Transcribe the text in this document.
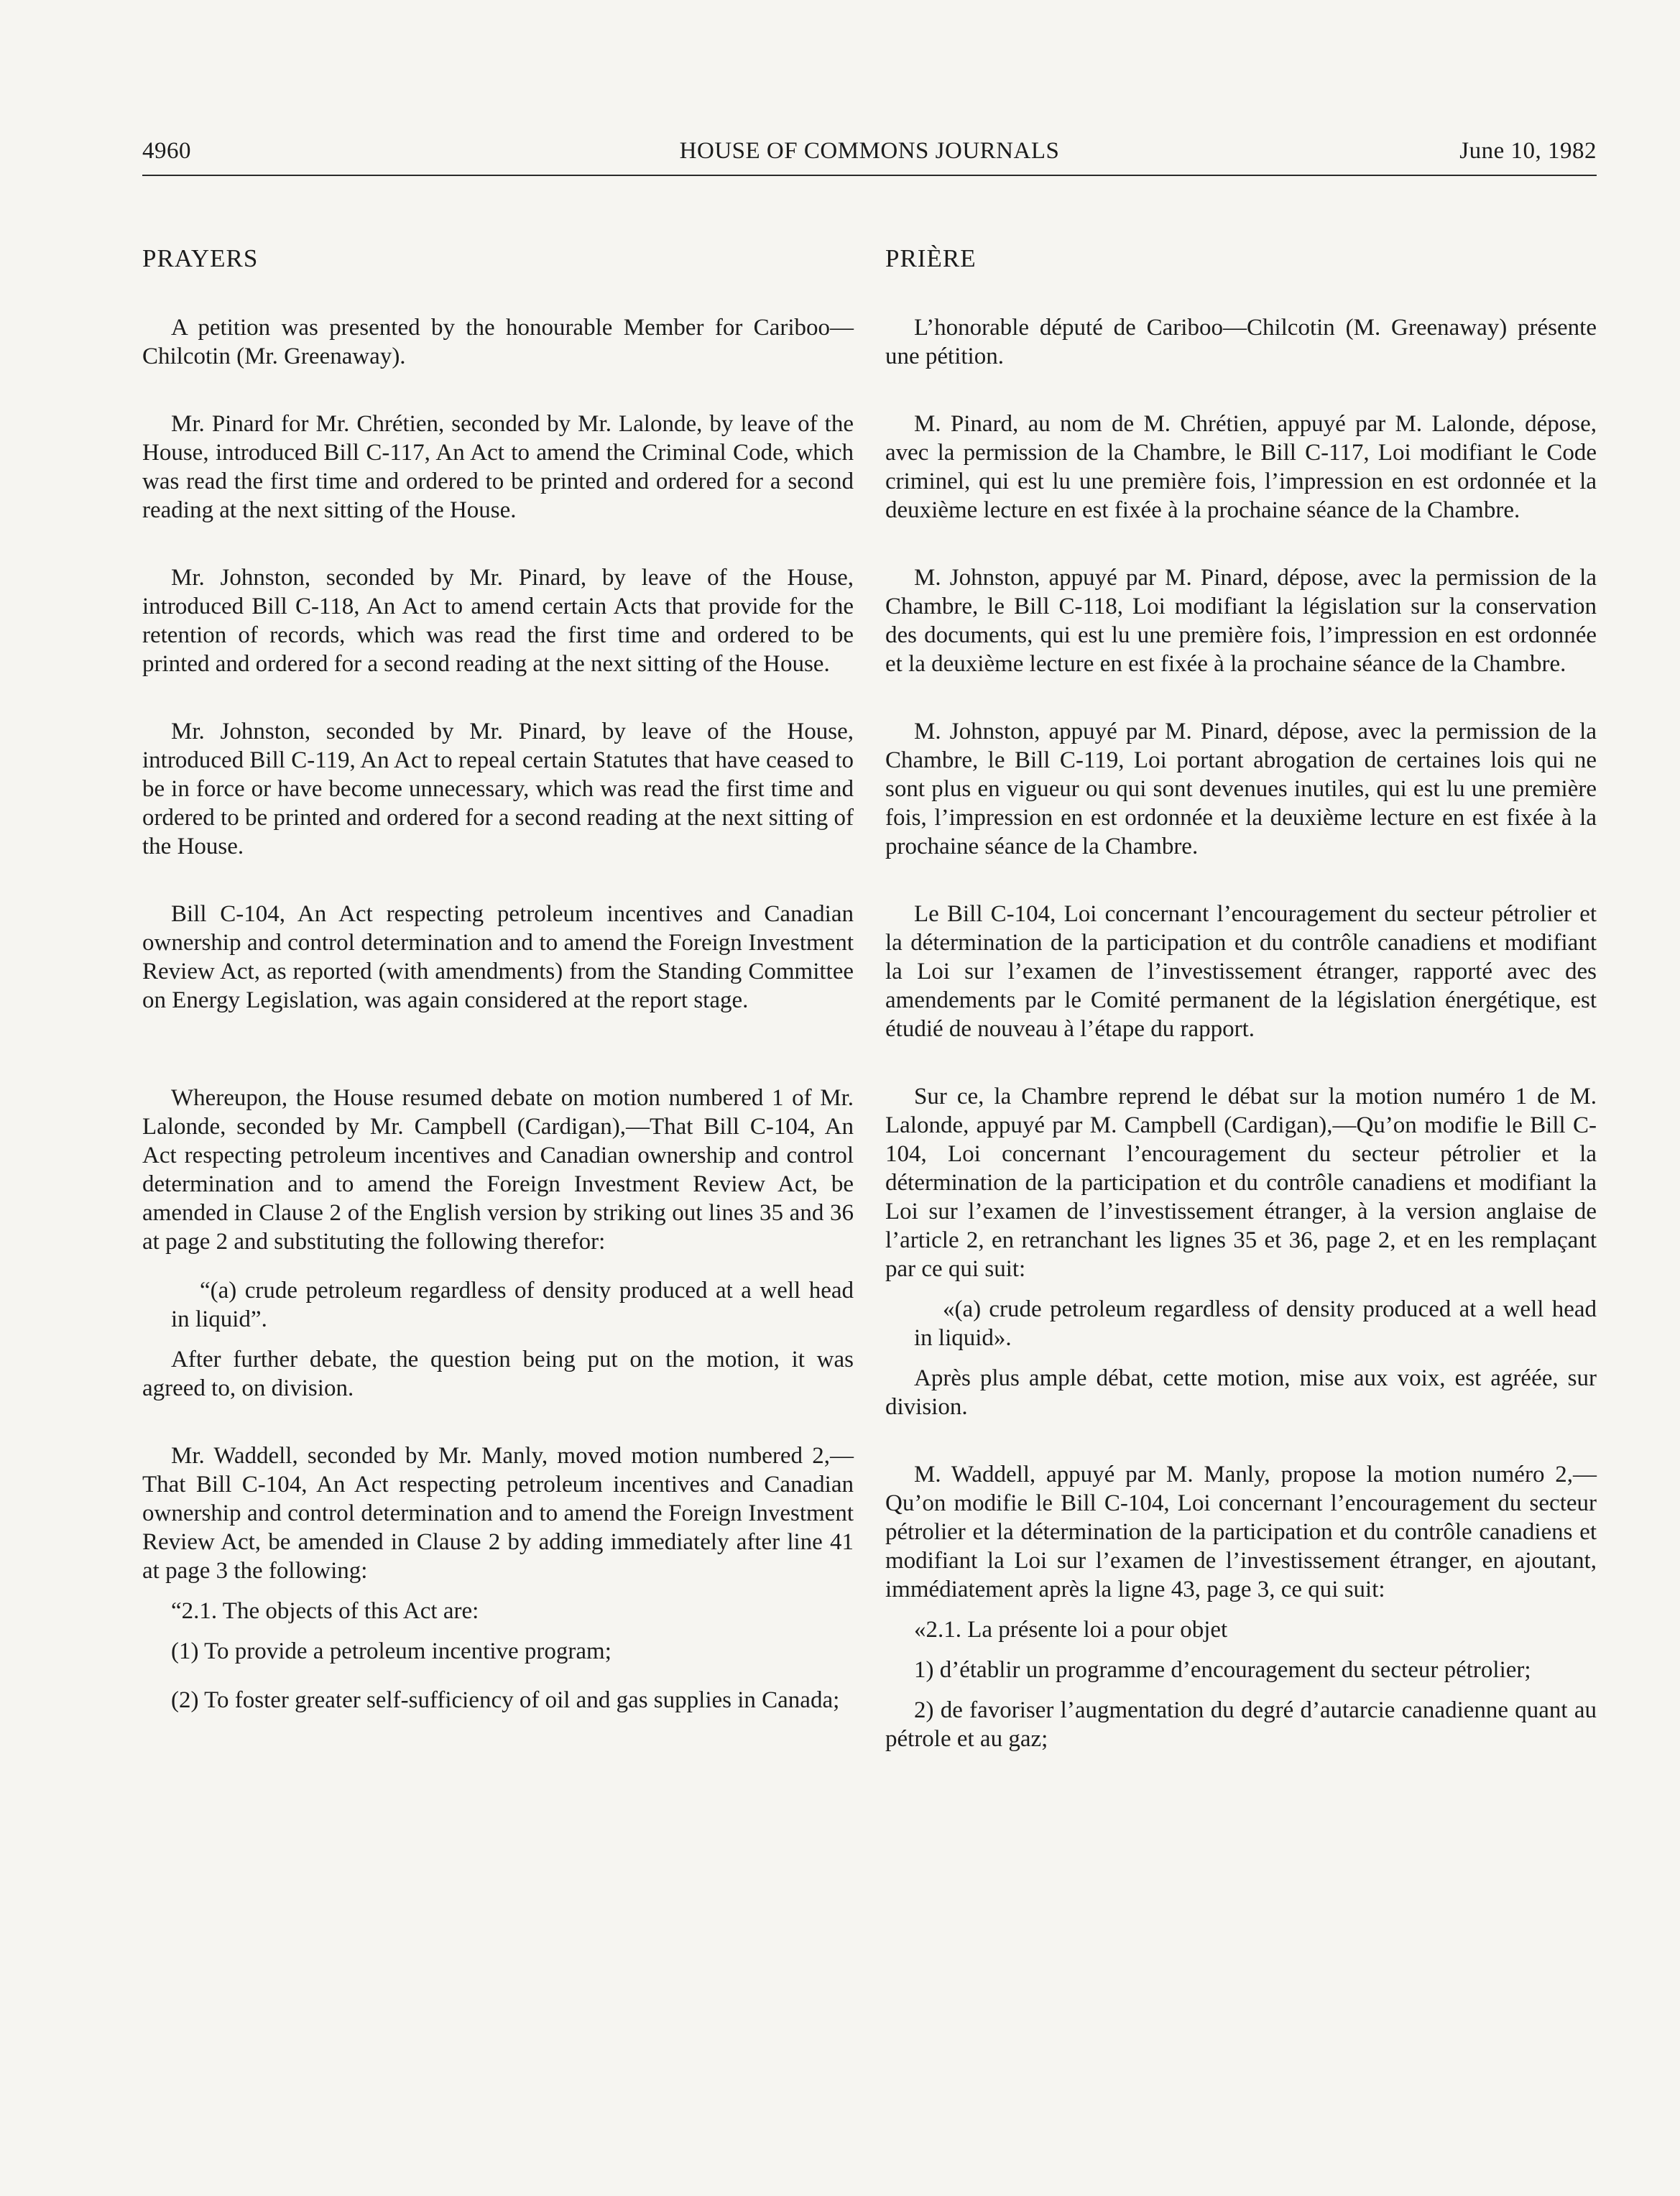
4960	HOUSE OF COMMONS JOURNALS	June 10, 1982
PRAYERS

A petition was presented by the honourable Member for Cariboo—Chilcotin (Mr. Greenaway).

Mr. Pinard for Mr. Chrétien, seconded by Mr. Lalonde, by leave of the House, introduced Bill C-117, An Act to amend the Criminal Code, which was read the first time and ordered to be printed and ordered for a second reading at the next sitting of the House.

Mr. Johnston, seconded by Mr. Pinard, by leave of the House, introduced Bill C-118, An Act to amend certain Acts that provide for the retention of records, which was read the first time and ordered to be printed and ordered for a second reading at the next sitting of the House.

Mr. Johnston, seconded by Mr. Pinard, by leave of the House, introduced Bill C-119, An Act to repeal certain Statutes that have ceased to be in force or have become unnecessary, which was read the first time and ordered to be printed and ordered for a second reading at the next sitting of the House.

Bill C-104, An Act respecting petroleum incentives and Canadian ownership and control determination and to amend the Foreign Investment Review Act, as reported (with amendments) from the Standing Committee on Energy Legislation, was again considered at the report stage.

Whereupon, the House resumed debate on motion numbered 1 of Mr. Lalonde, seconded by Mr. Campbell (Cardigan),—That Bill C-104, An Act respecting petroleum incentives and Canadian ownership and control determination and to amend the Foreign Investment Review Act, be amended in Clause 2 of the English version by striking out lines 35 and 36 at page 2 and substituting the following therefor:

“(a) crude petroleum regardless of density produced at a well head in liquid”.

After further debate, the question being put on the motion, it was agreed to, on division.

Mr. Waddell, seconded by Mr. Manly, moved motion numbered 2,—That Bill C-104, An Act respecting petroleum incentives and Canadian ownership and control determination and to amend the Foreign Investment Review Act, be amended in Clause 2 by adding immediately after line 41 at page 3 the following:

“2.1. The objects of this Act are:

(1) To provide a petroleum incentive program;

(2) To foster greater self-sufficiency of oil and gas supplies in Canada;

PRIÈRE

L’honorable député de Cariboo—Chilcotin (M. Greenaway) présente une pétition.

M. Pinard, au nom de M. Chrétien, appuyé par M. Lalonde, dépose, avec la permission de la Chambre, le Bill C-117, Loi modifiant le Code criminel, qui est lu une première fois, l’impression en est ordonnée et la deuxième lecture en est fixée à la prochaine séance de la Chambre.

M. Johnston, appuyé par M. Pinard, dépose, avec la permission de la Chambre, le Bill C-118, Loi modifiant la législation sur la conservation des documents, qui est lu une première fois, l’impression en est ordonnée et la deuxième lecture en est fixée à la prochaine séance de la Chambre.

M. Johnston, appuyé par M. Pinard, dépose, avec la permission de la Chambre, le Bill C-119, Loi portant abrogation de certaines lois qui ne sont plus en vigueur ou qui sont devenues inutiles, qui est lu une première fois, l’impression en est ordonnée et la deuxième lecture en est fixée à la prochaine séance de la Chambre.

Le Bill C-104, Loi concernant l’encouragement du secteur pétrolier et la détermination de la participation et du contrôle canadiens et modifiant la Loi sur l’examen de l’investissement étranger, rapporté avec des amendements par le Comité permanent de la législation énergétique, est étudié de nouveau à l’étape du rapport.

Sur ce, la Chambre reprend le débat sur la motion numéro 1 de M. Lalonde, appuyé par M. Campbell (Cardigan),—Qu’on modifie le Bill C-104, Loi concernant l’encouragement du secteur pétrolier et la détermination de la participation et du contrôle canadiens et modifiant la Loi sur l’examen de l’investissement étranger, à la version anglaise de l’article 2, en retranchant les lignes 35 et 36, page 2, et en les remplaçant par ce qui suit:

«(a) crude petroleum regardless of density produced at a well head in liquid».

Après plus ample débat, cette motion, mise aux voix, est agréée, sur division.

M. Waddell, appuyé par M. Manly, propose la motion numéro 2,—Qu’on modifie le Bill C-104, Loi concernant l’encouragement du secteur pétrolier et la détermination de la participation et du contrôle canadiens et modifiant la Loi sur l’examen de l’investissement étranger, en ajoutant, immédiatement après la ligne 43, page 3, ce qui suit:

«2.1. La présente loi a pour objet

1) d’établir un programme d’encouragement du secteur pétrolier;

2) de favoriser l’augmentation du degré d’autarcie canadienne quant au pétrole et au gaz;
